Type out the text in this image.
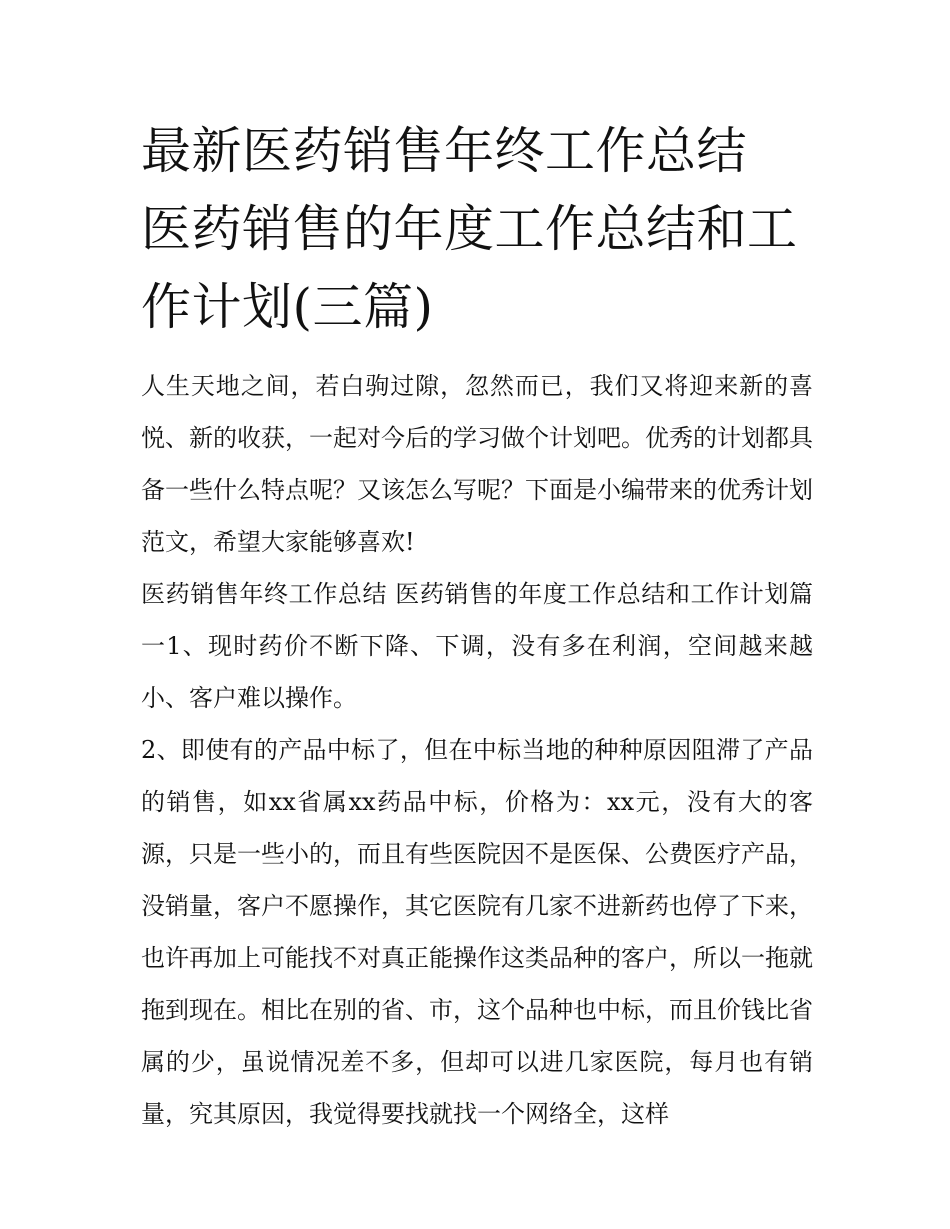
最新医药销售年终工作总结 医药销售的年度工作总结和工作计划(三篇)

人生天地之间，若白驹过隙，忽然而已，我们又将迎来新的喜悦、新的收获，一起对今后的学习做个计划吧。优秀的计划都具备一些什么特点呢？又该怎么写呢？下面是小编带来的优秀计划范文，希望大家能够喜欢!

医药销售年终工作总结 医药销售的年度工作总结和工作计划篇一1、现时药价不断下降、下调，没有多在利润，空间越来越小、客户难以操作。

2、即使有的产品中标了，但在中标当地的种种原因阻滞了产品的销售，如xx省属xx药品中标，价格为：xx元，没有大的客源，只是一些小的，而且有些医院因不是医保、公费医疗产品，没销量，客户不愿操作，其它医院有几家不进新药也停了下来，也许再加上可能找不对真正能操作这类品种的客户，所以一拖就拖到现在。相比在别的省、市，这个品种也中标，而且价钱比省属的少，虽说情况差不多，但却可以进几家医院，每月也有销量，究其原因，我觉得要找就找一个网络全，这样
